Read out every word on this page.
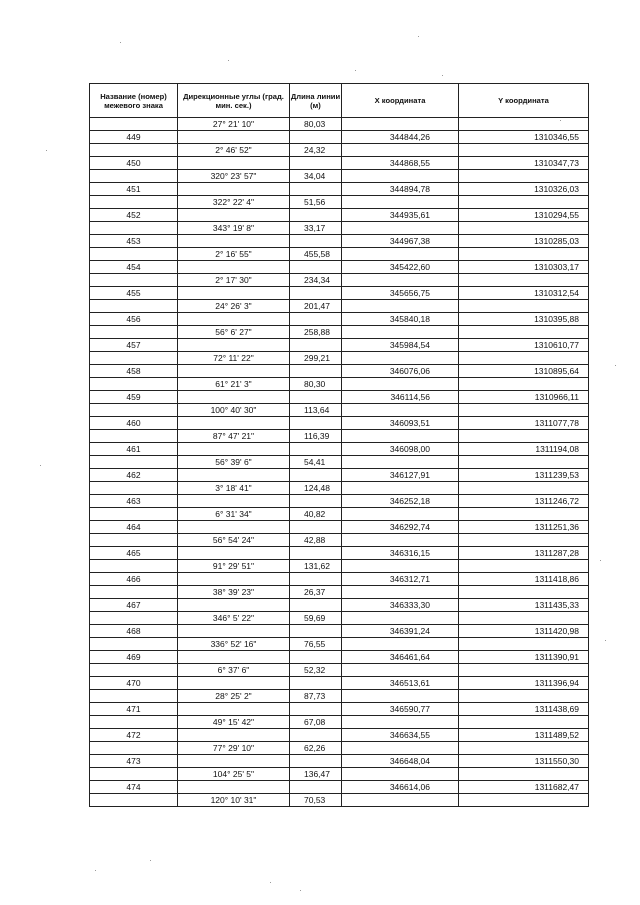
Название (номер) межевого знака	Дирекционные углы (град. мин. сек.)	Длина линии (м)	X координата	Y координата
	27° 21' 10"	80,03		
449			344844,26	1310346,55
	2° 46' 52"	24,32		
450			344868,55	1310347,73
	320° 23' 57"	34,04		
451			344894,78	1310326,03
	322° 22' 4"	51,56		
452			344935,61	1310294,55
	343° 19' 8"	33,17		
453			344967,38	1310285,03
	2° 16' 55"	455,58		
454			345422,60	1310303,17
	2° 17' 30"	234,34		
455			345656,75	1310312,54
	24° 26' 3"	201,47		
456			345840,18	1310395,88
	56° 6' 27"	258,88		
457			345984,54	1310610,77
	72° 11' 22"	299,21		
458			346076,06	1310895,64
	61° 21' 3"	80,30		
459			346114,56	1310966,11
	100° 40' 30"	113,64		
460			346093,51	1311077,78
	87° 47' 21"	116,39		
461			346098,00	1311194,08
	56° 39' 6"	54,41		
462			346127,91	1311239,53
	3° 18' 41"	124,48		
463			346252,18	1311246,72
	6° 31' 34"	40,82		
464			346292,74	1311251,36
	56° 54' 24"	42,88		
465			346316,15	1311287,28
	91° 29' 51"	131,62		
466			346312,71	1311418,86
	38° 39' 23"	26,37		
467			346333,30	1311435,33
	346° 5' 22"	59,69		
468			346391,24	1311420,98
	336° 52' 16"	76,55		
469			346461,64	1311390,91
	6° 37' 6"	52,32		
470			346513,61	1311396,94
	28° 25' 2"	87,73		
471			346590,77	1311438,69
	49° 15' 42"	67,08		
472			346634,55	1311489,52
	77° 29' 10"	62,26		
473			346648,04	1311550,30
	104° 25' 5"	136,47		
474			346614,06	1311682,47
	120° 10' 31"	70,53		
